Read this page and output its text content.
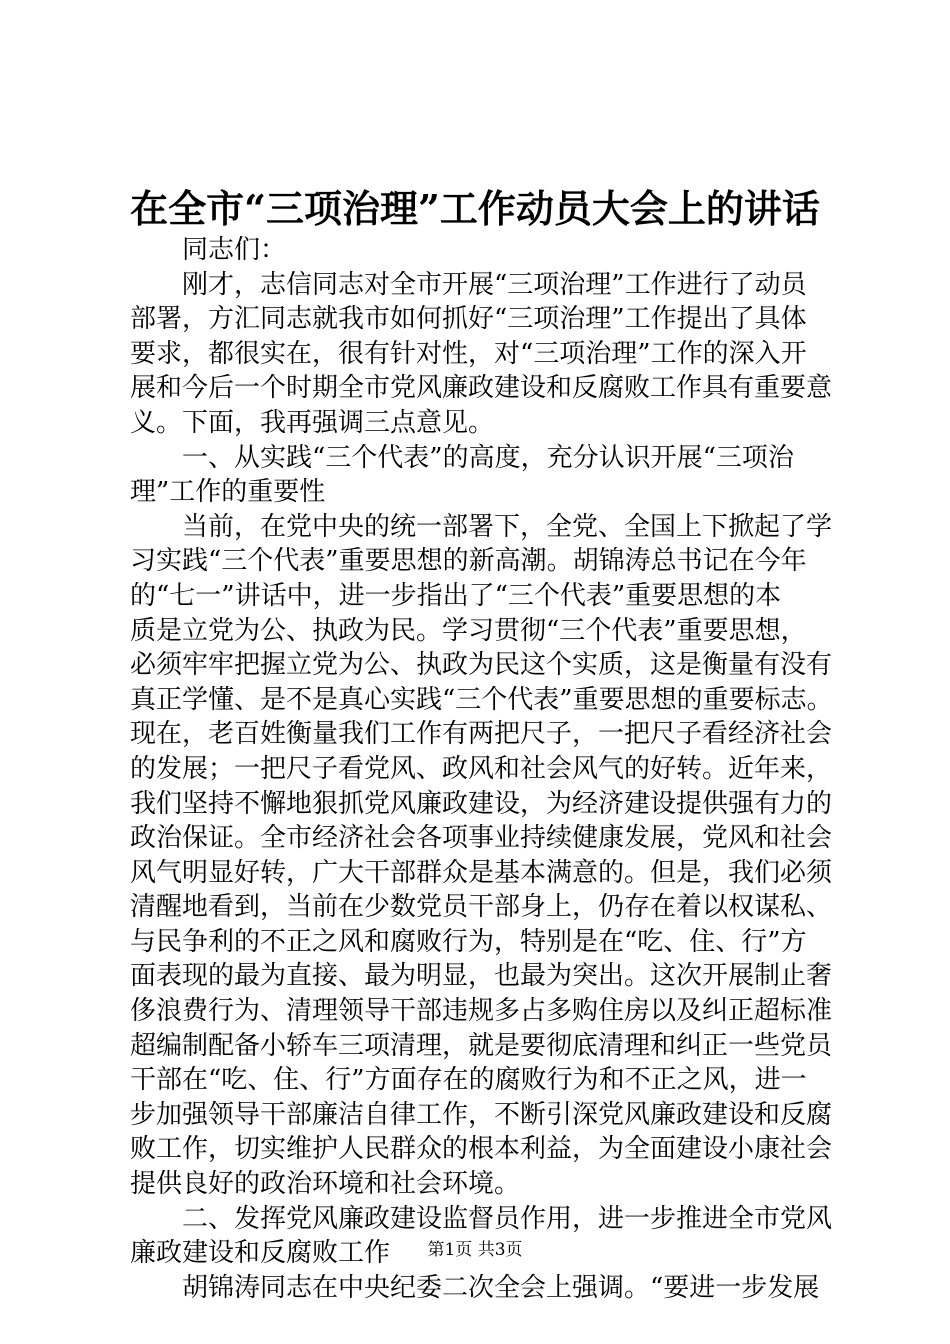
在全市“三项治理”工作动员大会上的讲话
同志们：
刚才，志信同志对全市开展“三项治理”工作进行了动员
部署，方汇同志就我市如何抓好“三项治理”工作提出了具体
要求，都很实在，很有针对性，对“三项治理”工作的深入开
展和今后一个时期全市党风廉政建设和反腐败工作具有重要意
义。下面，我再强调三点意见。
一、从实践“三个代表”的高度，充分认识开展“三项治
理”工作的重要性
当前，在党中央的统一部署下，全党、全国上下掀起了学
习实践“三个代表”重要思想的新高潮。胡锦涛总书记在今年
的“七一”讲话中，进一步指出了“三个代表”重要思想的本
质是立党为公、执政为民。学习贯彻“三个代表”重要思想，
必须牢牢把握立党为公、执政为民这个实质，这是衡量有没有
真正学懂、是不是真心实践“三个代表”重要思想的重要标志。
现在，老百姓衡量我们工作有两把尺子，一把尺子看经济社会
的发展；一把尺子看党风、政风和社会风气的好转。近年来，
我们坚持不懈地狠抓党风廉政建设，为经济建设提供强有力的
政治保证。全市经济社会各项事业持续健康发展，党风和社会
风气明显好转，广大干部群众是基本满意的。但是，我们必须
清醒地看到，当前在少数党员干部身上，仍存在着以权谋私、
与民争利的不正之风和腐败行为，特别是在“吃、住、行”方
面表现的最为直接、最为明显，也最为突出。这次开展制止奢
侈浪费行为、清理领导干部违规多占多购住房以及纠正超标准
超编制配备小轿车三项清理，就是要彻底清理和纠正一些党员
干部在“吃、住、行”方面存在的腐败行为和不正之风，进一
步加强领导干部廉洁自律工作，不断引深党风廉政建设和反腐
败工作，切实维护人民群众的根本利益，为全面建设小康社会
提供良好的政治环境和社会环境。
二、发挥党风廉政建设监督员作用，进一步推进全市党风
廉政建设和反腐败工作
胡锦涛同志在中央纪委二次全会上强调。“要进一步发展
第1页 共3页
